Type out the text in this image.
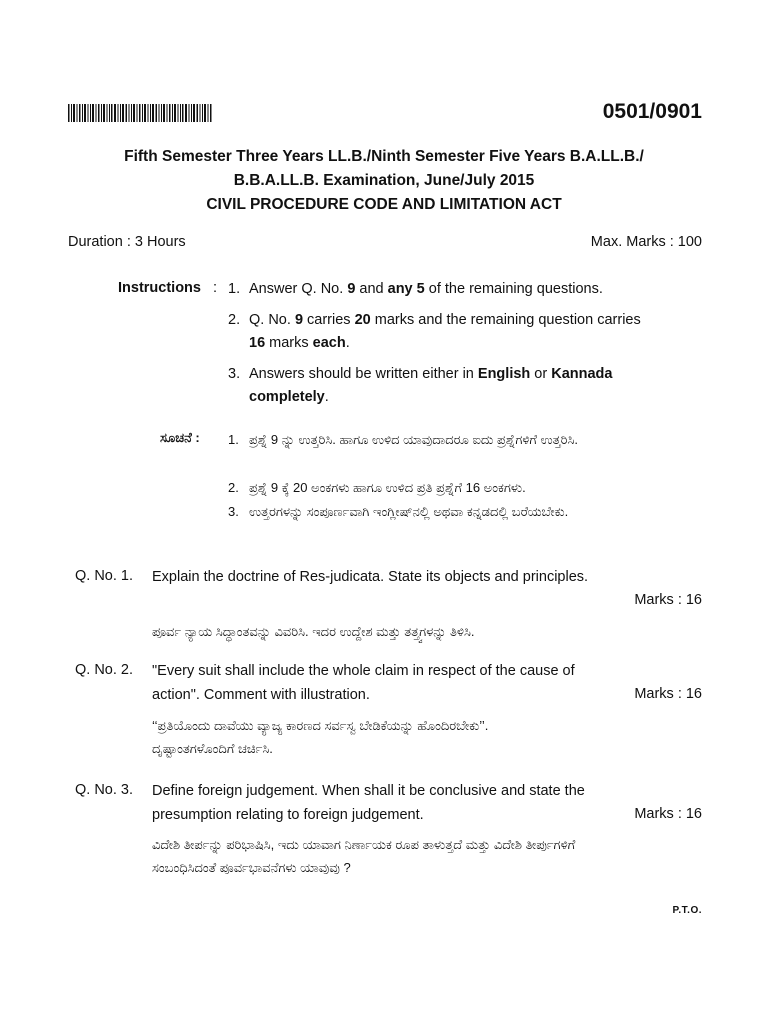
0501/0901
Fifth Semester Three Years LL.B./Ninth Semester Five Years B.A.LL.B./
B.B.A.LL.B. Examination, June/July 2015
CIVIL PROCEDURE CODE AND LIMITATION ACT
Duration : 3 Hours	Max. Marks : 100
Instructions : 1. Answer Q. No. 9 and any 5 of the remaining questions.
2. Q. No. 9 carries 20 marks and the remaining question carries 16 marks each.
3. Answers should be written either in English or Kannada completely.
ಸೂಚನೆ : 1. ಪ್ರಶ್ನೆ 9 ನ್ನು ಉತ್ತರಿಸಿ. ಹಾಗೂ ಉಳಿದ ಯಾವುದಾದರೂ ಐದು ಪ್ರಶ್ನೆಗಳಿಗೆ ಉತ್ತರಿಸಿ.
2. ಪ್ರಶ್ನೆ 9 ಕ್ಕೆ 20 ಅಂಕಗಳು ಹಾಗೂ ಉಳಿದ ಪ್ರತಿ ಪ್ರಶ್ನೆಗೆ 16 ಅಂಕಗಳು.
3. ಉತ್ತರಗಳನ್ನು ಸಂಪೂರ್ಣವಾಗಿ ಇಂಗ್ಲೀಷ್‌ನಲ್ಲಿ ಅಥವಾ ಕನ್ನಡದಲ್ಲಿ ಬರೆಯಬೇಕು.
Q. No. 1. Explain the doctrine of Res-judicata. State its objects and principles.
Marks : 16
ಪೂರ್ವ ನ್ಯಾಯ ಸಿದ್ಧಾಂತವನ್ನು ವಿವರಿಸಿ. ಇದರ ಉದ್ದೇಶ ಮತ್ತು ತತ್ತ್ವಗಳನ್ನು ತಿಳಿಸಿ.
Q. No. 2. "Every suit shall include the whole claim in respect of the cause of action". Comment with illustration.	Marks : 16
‘‘ಪ್ರತಿಯೊಂದು ದಾವೆಯು ವ್ಯಾಜ್ಯ ಕಾರಣದ ಸರ್ವಸ್ವ ಬೇಡಿಕೆಯನ್ನು ಹೊಂದಿರಬೇಕು’’. ದೃಷ್ಟಾಂತಗಳೊಂದಿಗೆ ಚರ್ಚಿಸಿ.
Q. No. 3. Define foreign judgement. When shall it be conclusive and state the presumption relating to foreign judgement.	Marks : 16
ವಿದೇಶಿ ತೀರ್ಪನ್ನು ಪರಿಭಾಷಿಸಿ, ಇದು ಯಾವಾಗ ನಿರ್ಣಾಯಕ ರೂಪ ತಾಳುತ್ತದೆ ಮತ್ತು ವಿದೇಶಿ ತೀರ್ಪುಗಳಿಗೆ ಸಂಬಂಧಿಸಿದಂತೆ ಪೂರ್ವಭಾವನೆಗಳು ಯಾವುವು ?
P.T.O.
